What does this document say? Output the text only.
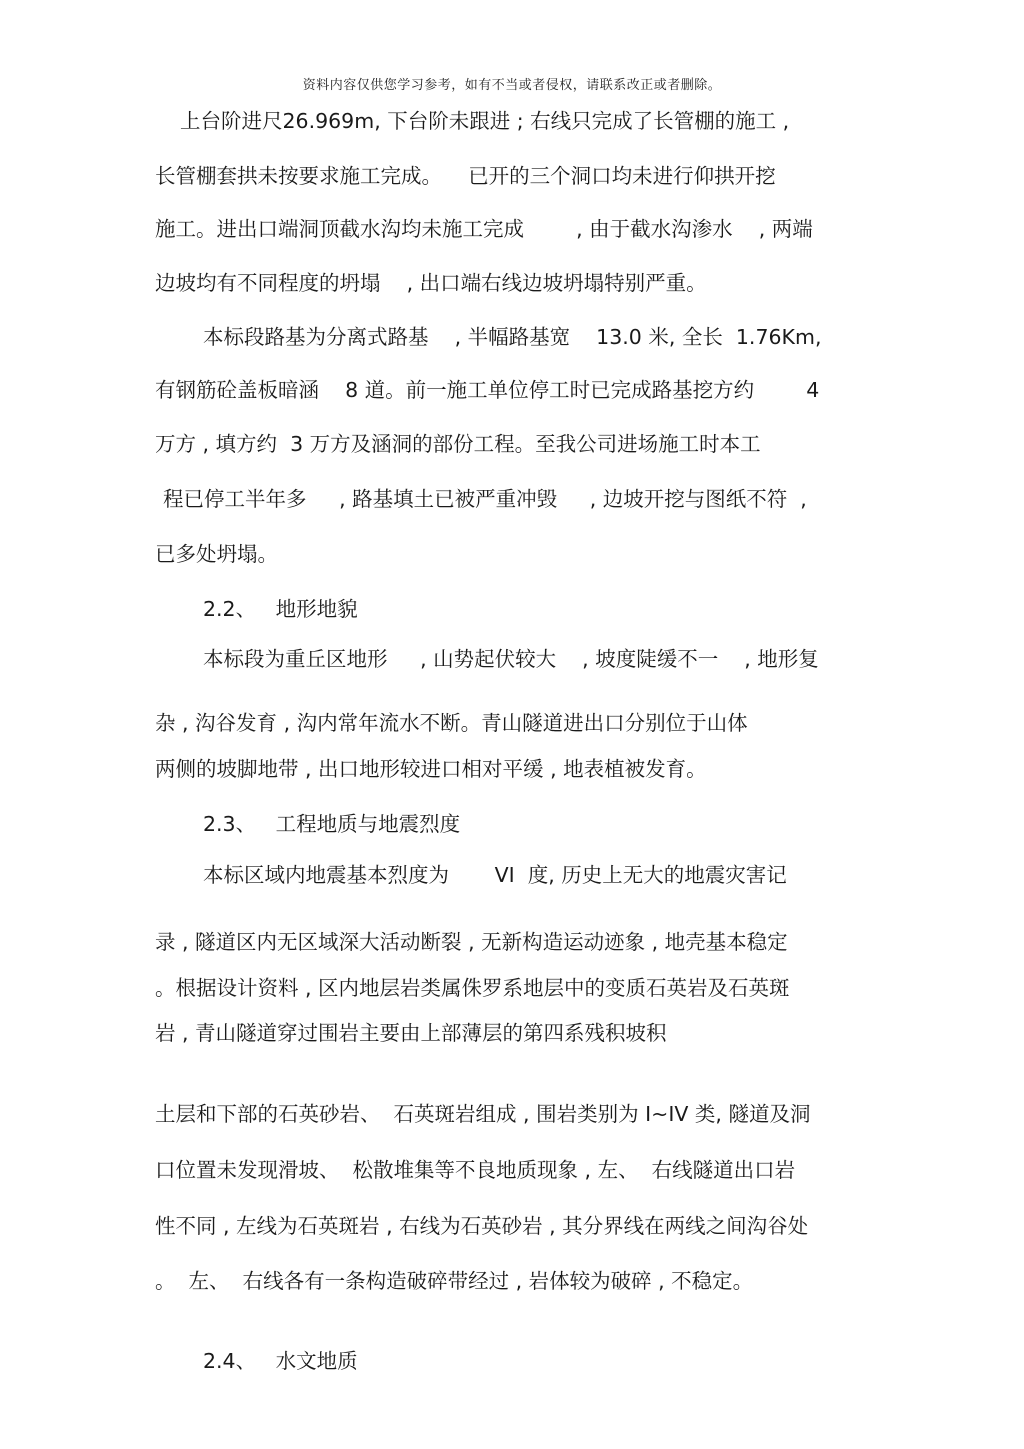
资料内容仅供您学习参考，如有不当或者侵权，请联系改正或者删除。
上台阶进尺26.969m, 下台阶未跟进 ; 右线只完成了长管棚的施工 ,
长管棚套拱未按要求施工完成。    已开的三个洞口均未进行仰拱开挖
施工。进出口端洞顶截水沟均未施工完成        , 由于截水沟渗水    , 两端
边坡均有不同程度的坍塌    , 出口端右线边坡坍塌特别严重。
本标段路基为分离式路基    , 半幅路基宽    13.0 米, 全长  1.76Km,
有钢筋砼盖板暗涵    8 道。前一施工单位停工时已完成路基挖方约        4
万方 , 填方约  3 万方及涵洞的部份工程。至我公司进场施工时本工
程已停工半年多     , 路基填土已被严重冲毁     , 边坡开挖与图纸不符  ,
已多处坍塌。
2.2、   地形地貌
本标段为重丘区地形     , 山势起伏较大    , 坡度陡缓不一    , 地形复
杂 , 沟谷发育 , 沟内常年流水不断。青山隧道进出口分别位于山体
两侧的坡脚地带 , 出口地形较进口相对平缓 , 地表植被发育。
2.3、   工程地质与地震烈度
本标区域内地震基本烈度为       VI  度, 历史上无大的地震灾害记
录 , 隧道区内无区域深大活动断裂 , 无新构造运动迹象 , 地壳基本稳定
。根据设计资料 , 区内地层岩类属侏罗系地层中的变质石英岩及石英斑
岩 , 青山隧道穿过围岩主要由上部薄层的第四系残积坡积
土层和下部的石英砂岩、  石英斑岩组成 , 围岩类别为 I~IV 类, 隧道及洞
口位置未发现滑坡、  松散堆集等不良地质现象 , 左、  右线隧道出口岩
性不同 , 左线为石英斑岩 , 右线为石英砂岩 , 其分界线在两线之间沟谷处
。  左、  右线各有一条构造破碎带经过 , 岩体较为破碎 , 不稳定。
2.4、   水文地质
